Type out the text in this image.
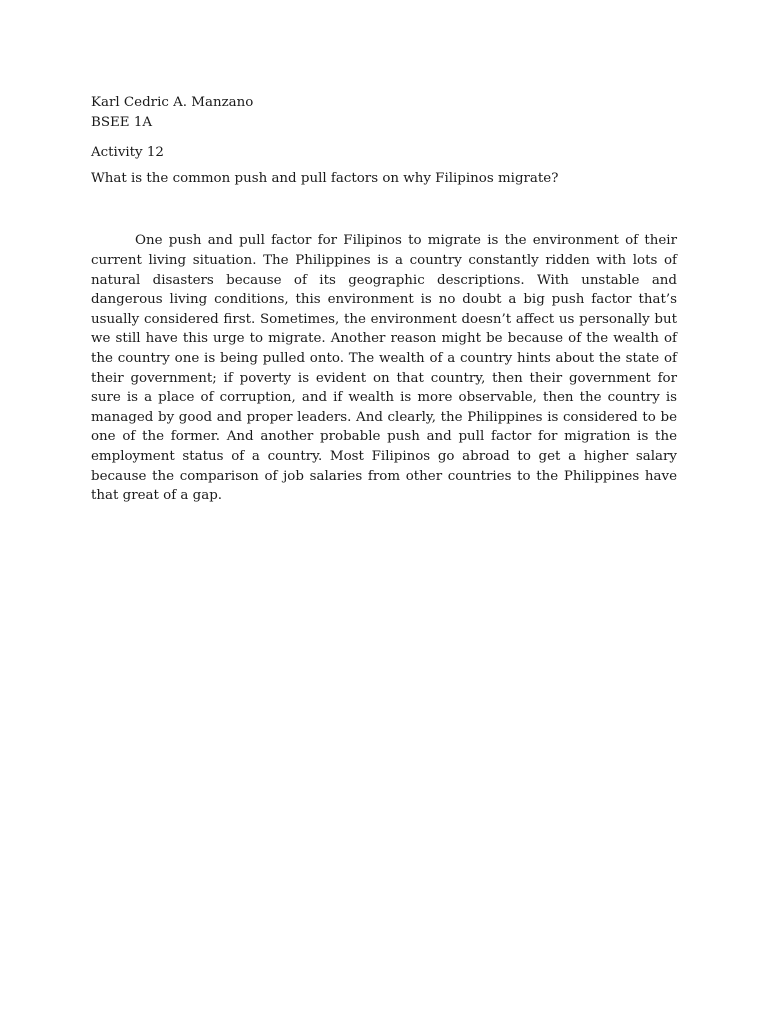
Karl Cedric A. Manzano
BSEE 1A
Activity 12
What is the common push and pull factors on why Filipinos migrate?

One push and pull factor for Filipinos to migrate is the environment of their current living situation. The Philippines is a country constantly ridden with lots of natural disasters because of its geographic descriptions. With unstable and dangerous living conditions, this environment is no doubt a big push factor that’s usually considered first. Sometimes, the environment doesn’t affect us personally but we still have this urge to migrate. Another reason might be because of the wealth of the country one is being pulled onto. The wealth of a country hints about the state of their government; if poverty is evident on that country, then their government for sure is a place of corruption, and if wealth is more observable, then the country is managed by good and proper leaders. And clearly, the Philippines is considered to be one of the former. And another probable push and pull factor for migration is the employment status of a country. Most Filipinos go abroad to get a higher salary because the comparison of job salaries from other countries to the Philippines have that great of a gap.
